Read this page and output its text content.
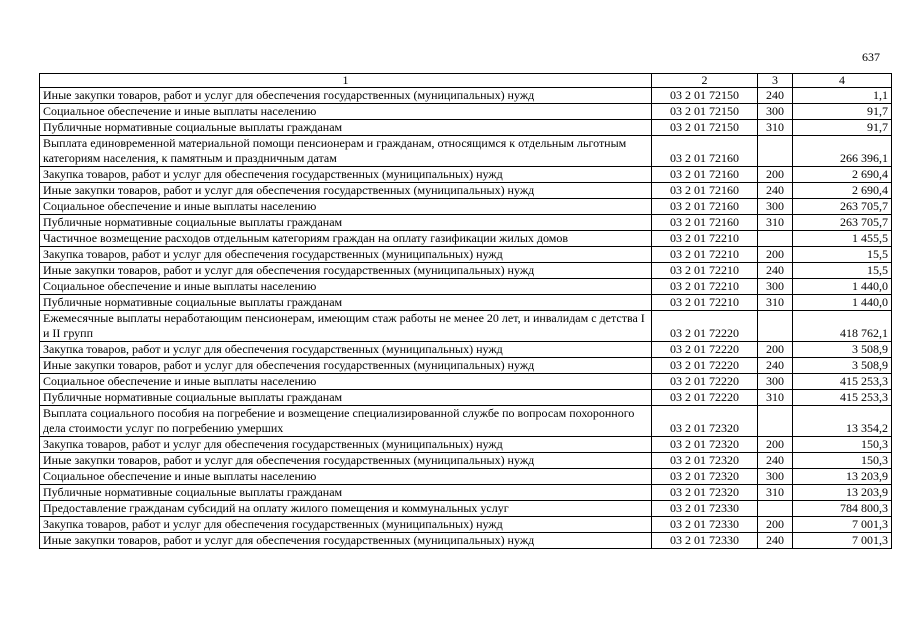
637
1	2	3	4
Иные закупки товаров, работ и услуг для обеспечения государственных (муниципальных) нужд	03 2 01 72150	240	1,1
Социальное обеспечение и иные выплаты населению	03 2 01 72150	300	91,7
Публичные нормативные социальные выплаты гражданам	03 2 01 72150	310	91,7
Выплата единовременной материальной помощи пенсионерам и гражданам, относящимся к отдельным льготным категориям населения, к памятным и праздничным датам	03 2 01 72160		266 396,1
Закупка товаров, работ и услуг для обеспечения государственных (муниципальных) нужд	03 2 01 72160	200	2 690,4
Иные закупки товаров, работ и услуг для обеспечения государственных (муниципальных) нужд	03 2 01 72160	240	2 690,4
Социальное обеспечение и иные выплаты населению	03 2 01 72160	300	263 705,7
Публичные нормативные социальные выплаты гражданам	03 2 01 72160	310	263 705,7
Частичное возмещение расходов отдельным категориям граждан на оплату газификации жилых домов	03 2 01 72210		1 455,5
Закупка товаров, работ и услуг для обеспечения государственных (муниципальных) нужд	03 2 01 72210	200	15,5
Иные закупки товаров, работ и услуг для обеспечения государственных (муниципальных) нужд	03 2 01 72210	240	15,5
Социальное обеспечение и иные выплаты населению	03 2 01 72210	300	1 440,0
Публичные нормативные социальные выплаты гражданам	03 2 01 72210	310	1 440,0
Ежемесячные выплаты неработающим пенсионерам, имеющим стаж работы не менее 20 лет, и инвалидам с детства I и II групп	03 2 01 72220		418 762,1
Закупка товаров, работ и услуг для обеспечения государственных (муниципальных) нужд	03 2 01 72220	200	3 508,9
Иные закупки товаров, работ и услуг для обеспечения государственных (муниципальных) нужд	03 2 01 72220	240	3 508,9
Социальное обеспечение и иные выплаты населению	03 2 01 72220	300	415 253,3
Публичные нормативные социальные выплаты гражданам	03 2 01 72220	310	415 253,3
Выплата социального пособия на погребение и возмещение специализированной службе по вопросам похоронного дела стоимости услуг по погребению умерших	03 2 01 72320		13 354,2
Закупка товаров, работ и услуг для обеспечения государственных (муниципальных) нужд	03 2 01 72320	200	150,3
Иные закупки товаров, работ и услуг для обеспечения государственных (муниципальных) нужд	03 2 01 72320	240	150,3
Социальное обеспечение и иные выплаты населению	03 2 01 72320	300	13 203,9
Публичные нормативные социальные выплаты гражданам	03 2 01 72320	310	13 203,9
Предоставление гражданам субсидий на оплату жилого помещения и коммунальных услуг	03 2 01 72330		784 800,3
Закупка товаров, работ и услуг для обеспечения государственных (муниципальных) нужд	03 2 01 72330	200	7 001,3
Иные закупки товаров, работ и услуг для обеспечения государственных (муниципальных) нужд	03 2 01 72330	240	7 001,3
